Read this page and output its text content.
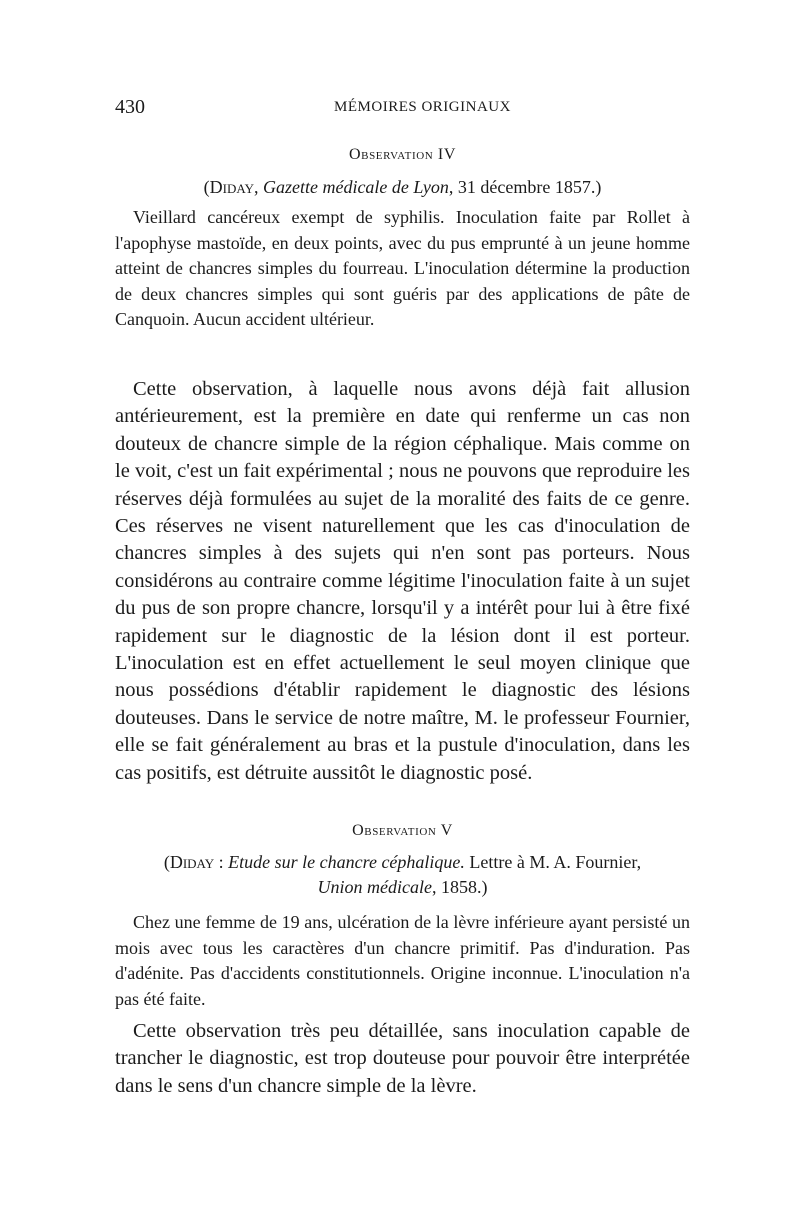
430	MÉMOIRES ORIGINAUX
Observation IV
(Diday, Gazette médicale de Lyon, 31 décembre 1857.)

Vieillard cancéreux exempt de syphilis. Inoculation faite par Rollet à l'apophyse mastoïde, en deux points, avec du pus emprunté à un jeune homme atteint de chancres simples du fourreau. L'inoculation détermine la production de deux chancres simples qui sont guéris par des applications de pâte de Canquoin. Aucun accident ultérieur.

Cette observation, à laquelle nous avons déjà fait allusion antérieurement, est la première en date qui renferme un cas non douteux de chancre simple de la région céphalique. Mais comme on le voit, c'est un fait expérimental ; nous ne pouvons que reproduire les réserves déjà formulées au sujet de la moralité des faits de ce genre. Ces réserves ne visent naturellement que les cas d'inoculation de chancres simples à des sujets qui n'en sont pas porteurs. Nous considérons au contraire comme légitime l'inoculation faite à un sujet du pus de son propre chancre, lorsqu'il y a intérêt pour lui à être fixé rapidement sur le diagnostic de la lésion dont il est porteur. L'inoculation est en effet actuellement le seul moyen clinique que nous possédions d'établir rapidement le diagnostic des lésions douteuses. Dans le service de notre maître, M. le professeur Fournier, elle se fait généralement au bras et la pustule d'inoculation, dans les cas positifs, est détruite aussitôt le diagnostic posé.

Observation V
(Diday : Etude sur le chancre céphalique. Lettre à M. A. Fournier,
Union médicale, 1858.)

Chez une femme de 19 ans, ulcération de la lèvre inférieure ayant persisté un mois avec tous les caractères d'un chancre primitif. Pas d'induration. Pas d'adénite. Pas d'accidents constitutionnels. Origine inconnue. L'inoculation n'a pas été faite.

Cette observation très peu détaillée, sans inoculation capable de trancher le diagnostic, est trop douteuse pour pouvoir être interprétée dans le sens d'un chancre simple de la lèvre.
